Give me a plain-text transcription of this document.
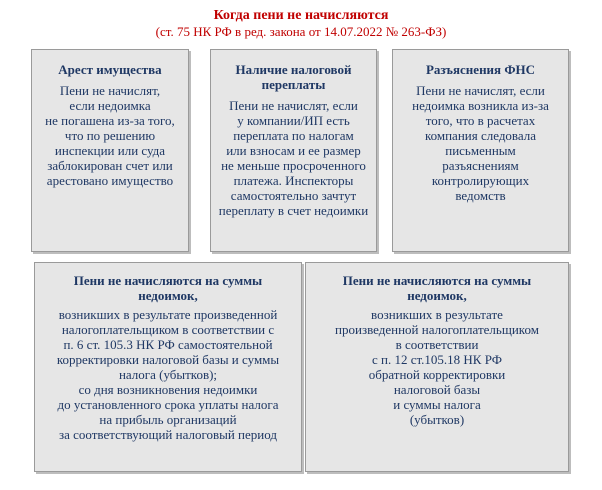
Когда пени не начисляются
(ст. 75 НК РФ в ред. закона от 14.07.2022 № 263-ФЗ)
Арест имущества
Пени не начислят,
если недоимка
не погашена из-за того,
что по решению
инспекции или суда
заблокирован счет или
арестовано имущество
Наличие налоговой
переплаты
Пени не начислят, если
у компании/ИП есть
переплата по налогам
или взносам и ее размер
не меньше просроченного
платежа. Инспекторы
самостоятельно зачтут
переплату в счет недоимки
Разъяснения ФНС
Пени не начислят, если
недоимка возникла из-за
того, что в расчетах
компания следовала
письменным
разъяснениям
контролирующих
ведомств
Пени не начисляются на суммы
недоимок,
возникших в результате произведенной
налогоплательщиком в соответствии с
п. 6 ст. 105.3 НК РФ самостоятельной
корректировки налоговой базы и суммы
налога (убытков);
со дня возникновения недоимки
до установленного срока уплаты налога
на прибыль организаций
за соответствующий налоговый период
Пени не начисляются на суммы
недоимок,
возникших в результате
произведенной налогоплательщиком
в соответствии
с п. 12 ст.105.18 НК РФ
обратной корректировки
налоговой базы
и суммы налога
(убытков)
